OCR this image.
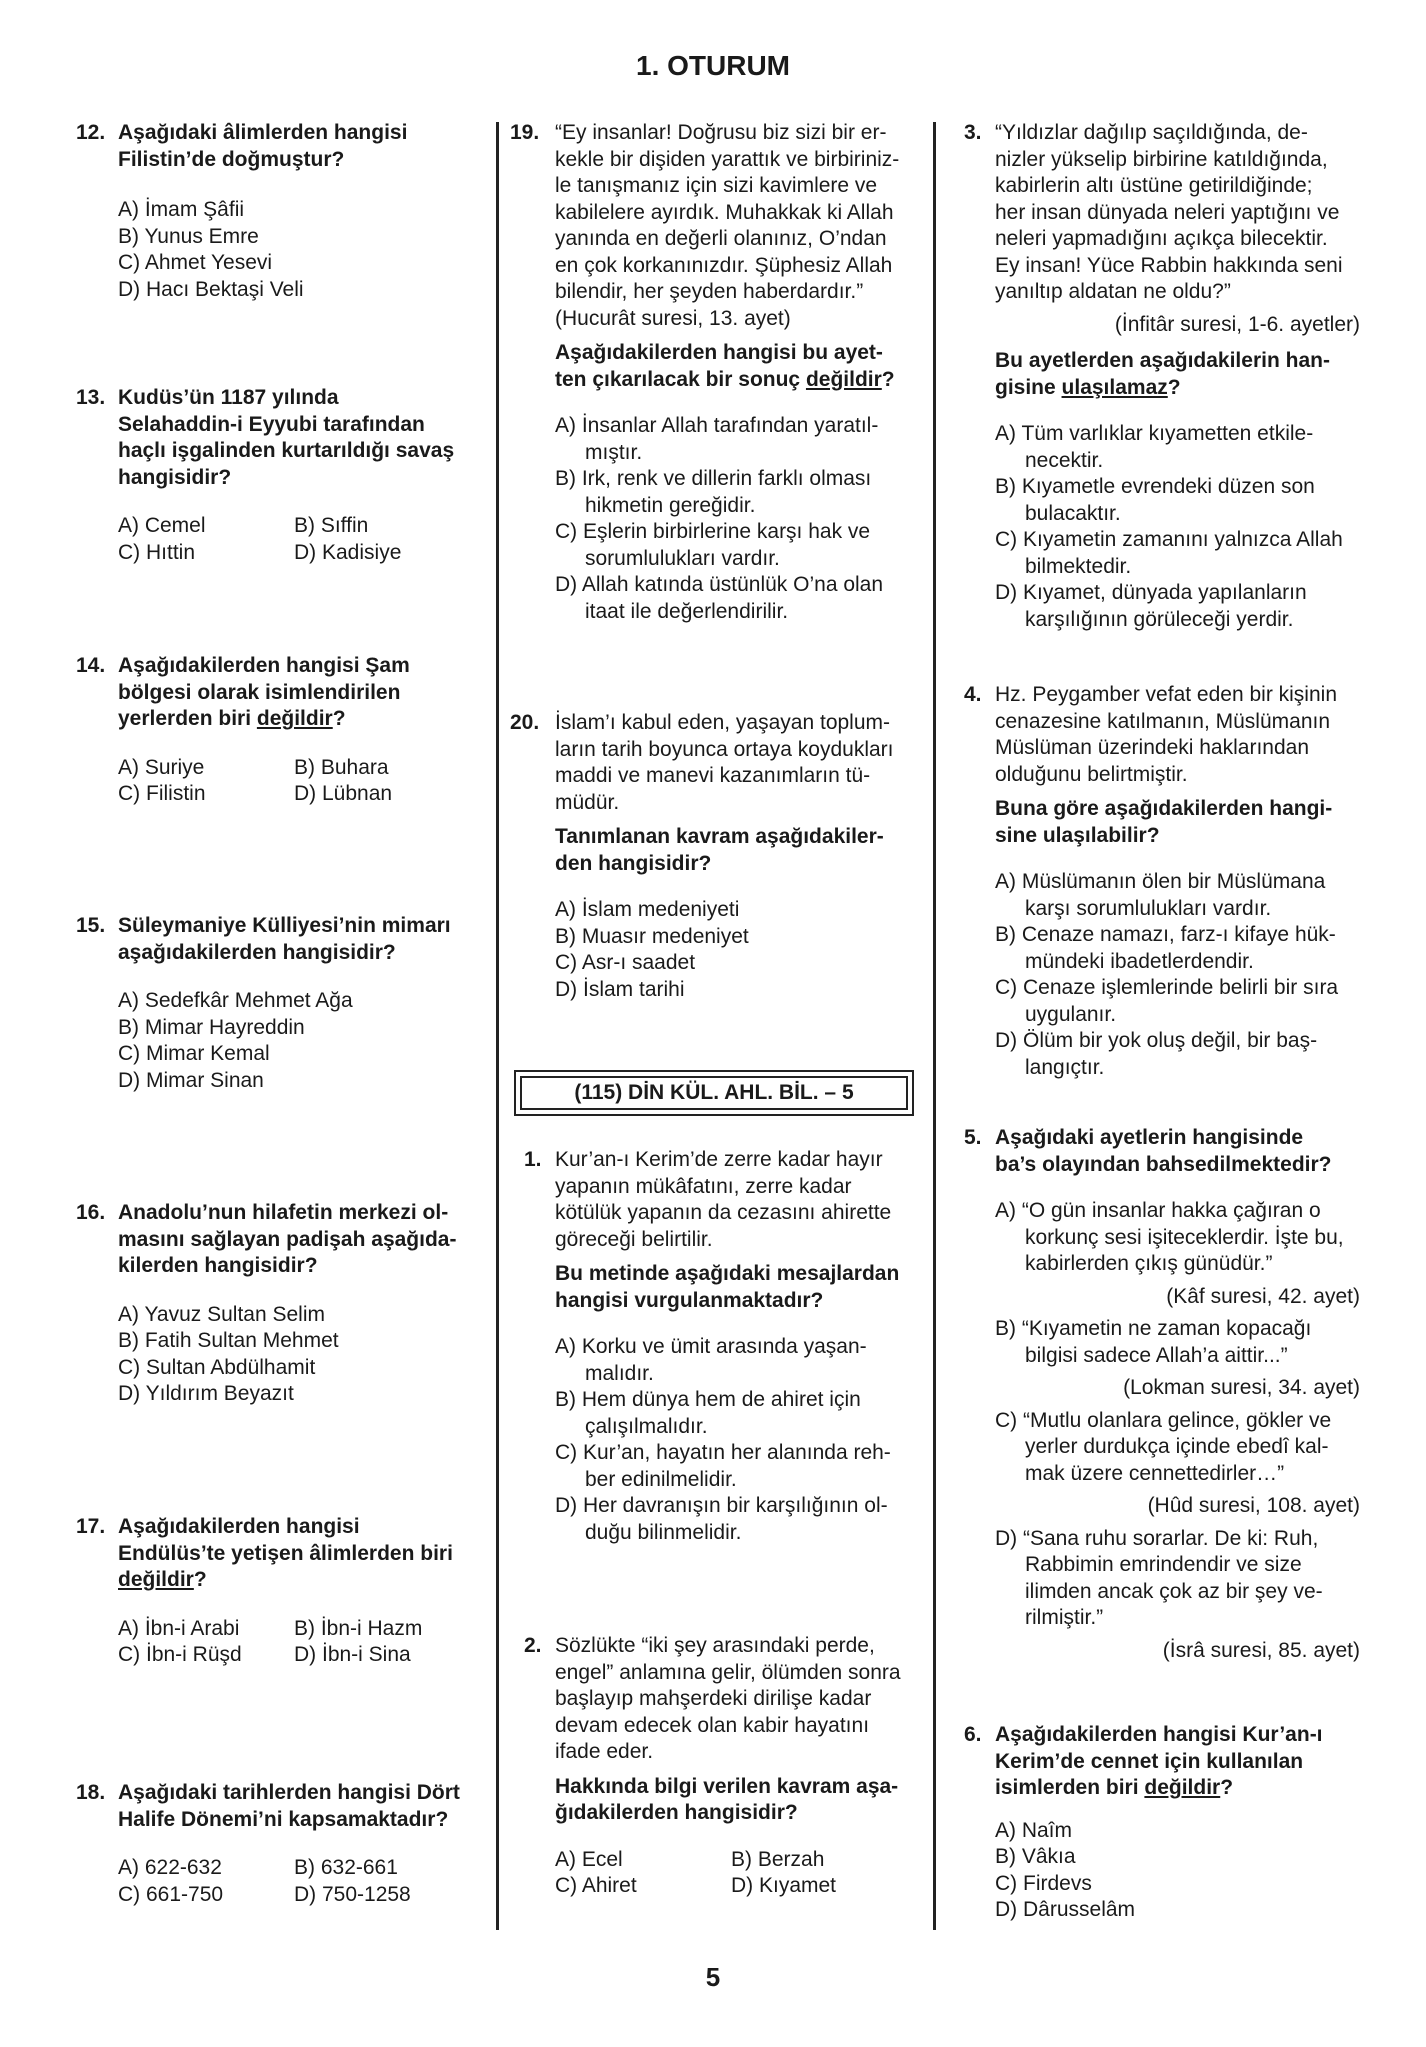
1. OTURUM
12. Aşağıdaki âlimlerden hangisi
Filistin’de doğmuştur?
A) İmam Şâfii
B) Yunus Emre
C) Ahmet Yesevi
D) Hacı Bektaşi Veli
13. Kudüs’ün 1187 yılında
Selahaddin-i Eyyubi tarafından
haçlı işgalinden kurtarıldığı savaş
hangisidir?
A) Cemel	B) Sıffin
C) Hıttin	D) Kadisiye
14. Aşağıdakilerden hangisi Şam
bölgesi olarak isimlendirilen
yerlerden biri değildir?
A) Suriye	B) Buhara
C) Filistin	D) Lübnan
15. Süleymaniye Külliyesi’nin mimarı
aşağıdakilerden hangisidir?
A) Sedefkâr Mehmet Ağa
B) Mimar Hayreddin
C) Mimar Kemal
D) Mimar Sinan
16. Anadolu’nun hilafetin merkezi ol-
masını sağlayan padişah aşağıda-
kilerden hangisidir?
A) Yavuz Sultan Selim
B) Fatih Sultan Mehmet
C) Sultan Abdülhamit
D) Yıldırım Beyazıt
17. Aşağıdakilerden hangisi
Endülüs’te yetişen âlimlerden biri
değildir?
A) İbn-i Arabi	B) İbn-i Hazm
C) İbn-i Rüşd	D) İbn-i Sina
18. Aşağıdaki tarihlerden hangisi Dört
Halife Dönemi’ni kapsamaktadır?
A) 622-632	B) 632-661
C) 661-750	D) 750-1258
19. “Ey insanlar! Doğrusu biz sizi bir er-
kekle bir dişiden yarattık ve birbiriniz-
le tanışmanız için sizi kavimlere ve
kabilelere ayırdık. Muhakkak ki Allah
yanında en değerli olanınız, O’ndan
en çok korkanınızdır. Şüphesiz Allah
bilendir, her şeyden haberdardır.”
(Hucurât suresi, 13. ayet)
Aşağıdakilerden hangisi bu ayet-
ten çıkarılacak bir sonuç değildir?
A) İnsanlar Allah tarafından yaratıl-
mıştır.
B) Irk, renk ve dillerin farklı olması
hikmetin gereğidir.
C) Eşlerin birbirlerine karşı hak ve
sorumlulukları vardır.
D) Allah katında üstünlük O’na olan
itaat ile değerlendirilir.
20. İslam’ı kabul eden, yaşayan toplum-
ların tarih boyunca ortaya koydukları
maddi ve manevi kazanımların tü-
müdür.
Tanımlanan kavram aşağıdakiler-
den hangisidir?
A) İslam medeniyeti
B) Muasır medeniyet
C) Asr-ı saadet
D) İslam tarihi
(115) DİN KÜL. AHL. BİL. – 5
1. Kur’an-ı Kerim’de zerre kadar hayır
yapanın mükâfatını, zerre kadar
kötülük yapanın da cezasını ahirette
göreceği belirtilir.
Bu metinde aşağıdaki mesajlardan
hangisi vurgulanmaktadır?
A) Korku ve ümit arasında yaşan-
malıdır.
B) Hem dünya hem de ahiret için
çalışılmalıdır.
C) Kur’an, hayatın her alanında reh-
ber edinilmelidir.
D) Her davranışın bir karşılığının ol-
duğu bilinmelidir.
2. Sözlükte “iki şey arasındaki perde,
engel” anlamına gelir, ölümden sonra
başlayıp mahşerdeki dirilişe kadar
devam edecek olan kabir hayatını
ifade eder.
Hakkında bilgi verilen kavram aşa-
ğıdakilerden hangisidir?
A) Ecel	B) Berzah
C) Ahiret	D) Kıyamet
3. “Yıldızlar dağılıp saçıldığında, de-
nizler yükselip birbirine katıldığında,
kabirlerin altı üstüne getirildiğinde;
her insan dünyada neleri yaptığını ve
neleri yapmadığını açıkça bilecektir.
Ey insan! Yüce Rabbin hakkında seni
yanıltıp aldatan ne oldu?”
(İnfitâr suresi, 1-6. ayetler)
Bu ayetlerden aşağıdakilerin han-
gisine ulaşılamaz?
A) Tüm varlıklar kıyametten etkile-
necektir.
B) Kıyametle evrendeki düzen son
bulacaktır.
C) Kıyametin zamanını yalnızca Allah
bilmektedir.
D) Kıyamet, dünyada yapılanların
karşılığının görüleceği yerdir.
4. Hz. Peygamber vefat eden bir kişinin
cenazesine katılmanın, Müslümanın
Müslüman üzerindeki haklarından
olduğunu belirtmiştir.
Buna göre aşağıdakilerden hangi-
sine ulaşılabilir?
A) Müslümanın ölen bir Müslümana
karşı sorumlulukları vardır.
B) Cenaze namazı, farz-ı kifaye hük-
mündeki ibadetlerdendir.
C) Cenaze işlemlerinde belirli bir sıra
uygulanır.
D) Ölüm bir yok oluş değil, bir baş-
langıçtır.
5. Aşağıdaki ayetlerin hangisinde
ba’s olayından bahsedilmektedir?
A) “O gün insanlar hakka çağıran o
korkunç sesi işiteceklerdir. İşte bu,
kabirlerden çıkış günüdür.”
(Kâf suresi, 42. ayet)
B) “Kıyametin ne zaman kopacağı
bilgisi sadece Allah’a aittir...”
(Lokman suresi, 34. ayet)
C) “Mutlu olanlara gelince, gökler ve
yerler durdukça içinde ebedî kal-
mak üzere cennettedirler…”
(Hûd suresi, 108. ayet)
D) “Sana ruhu sorarlar. De ki: Ruh,
Rabbimin emrindendir ve size
ilimden ancak çok az bir şey ve-
rilmiştir.”
(İsrâ suresi, 85. ayet)
6. Aşağıdakilerden hangisi Kur’an-ı
Kerim’de cennet için kullanılan
isimlerden biri değildir?
A) Naîm
B) Vâkıa
C) Firdevs
D) Dârusselâm
5
